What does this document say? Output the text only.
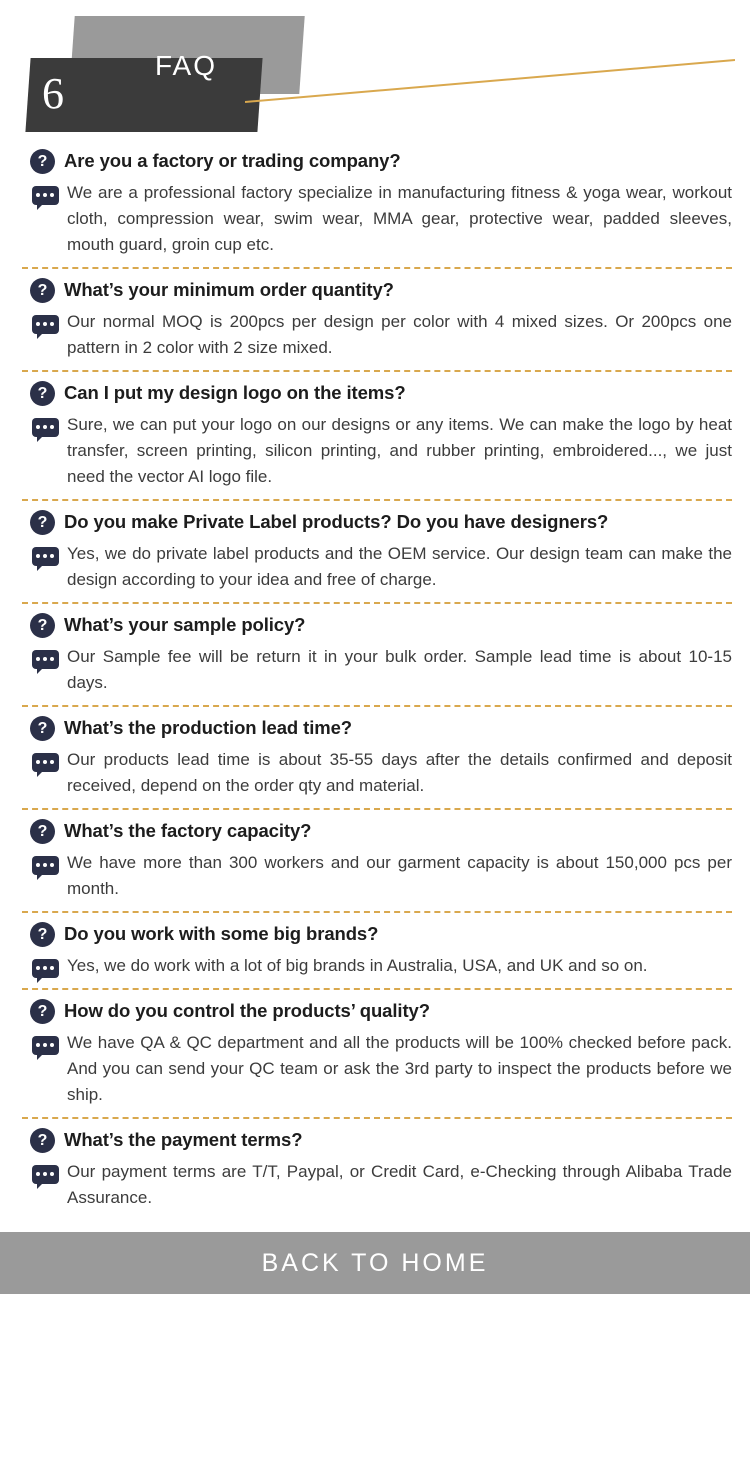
6
FAQ
? Are you a factory or trading company?
We are a professional factory specialize in manufacturing fitness & yoga wear, workout cloth, compression wear, swim wear, MMA gear, protective wear, padded sleeves, mouth guard, groin cup etc.
? What’s your minimum order quantity?
Our normal MOQ is 200pcs per design per color with 4 mixed sizes. Or 200pcs one pattern in 2 color with 2 size mixed.
? Can I put my design logo on the items?
Sure, we can put your logo on our designs or any items. We can make the logo by heat transfer, screen printing, silicon printing, and rubber printing, embroidered..., we just need the vector AI logo file.
? Do you make Private Label products? Do you have designers?
Yes, we do private label products and the OEM service. Our design team can make the design according to your idea and free of charge.
? What’s your sample policy?
Our Sample fee will be return it in your bulk order. Sample lead time is about 10-15 days.
? What’s the production lead time?
Our products lead time is about 35-55 days after the details confirmed and deposit received, depend on the order qty and material.
? What’s the factory capacity?
We have more than 300 workers and our garment capacity is about 150,000 pcs per month.
? Do you work with some big brands?
Yes, we do work with a lot of big brands in Australia, USA, and UK and so on.
? How do you control the products’ quality?
We have QA & QC department and all the products will be 100% checked before pack. And you can send your QC team or ask the 3rd party to inspect the products before we ship.
? What’s the payment terms?
Our payment terms are T/T, Paypal, or Credit Card, e-Checking through Alibaba Trade Assurance.
BACK TO HOME
